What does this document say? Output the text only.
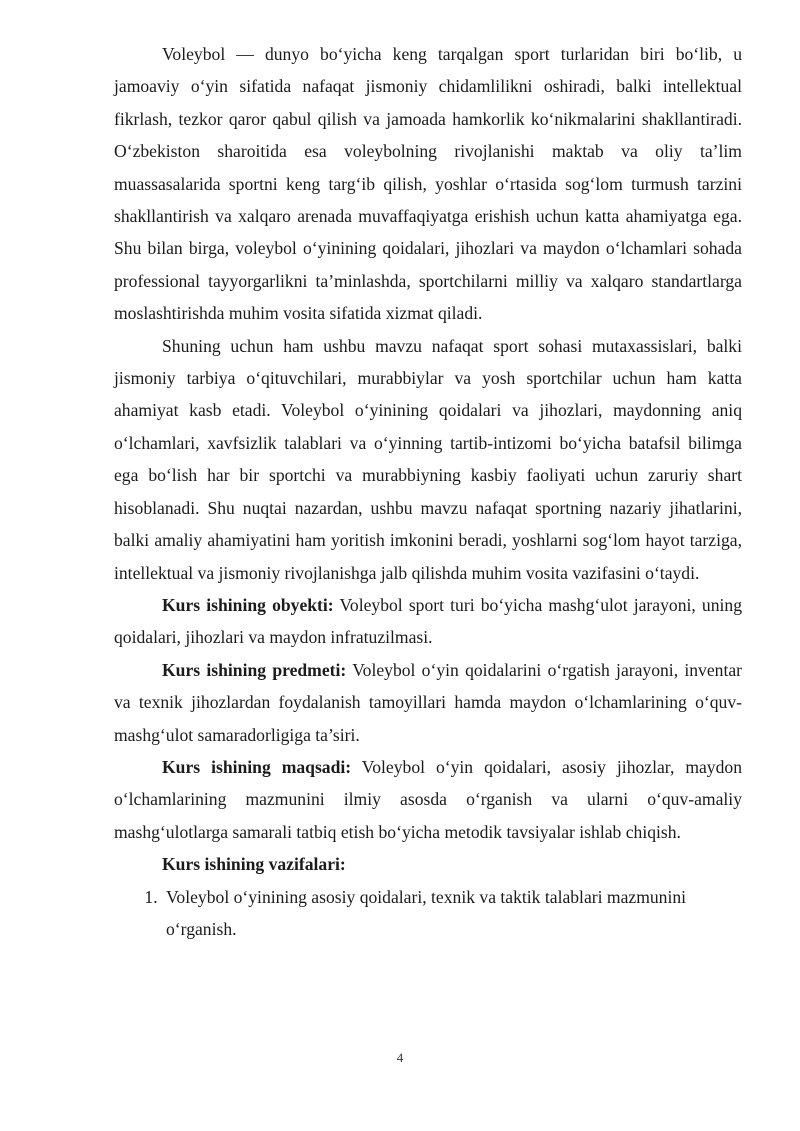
Voleybol — dunyo bo‘yicha keng tarqalgan sport turlaridan biri bo‘lib, u jamoaviy o‘yin sifatida nafaqat jismoniy chidamlilikni oshiradi, balki intellektual fikrlash, tezkor qaror qabul qilish va jamoada hamkorlik ko‘nikmalarini shakllantiradi. O‘zbekiston sharoitida esa voleybolning rivojlanishi maktab va oliy ta’lim muassasalarida sportni keng targ‘ib qilish, yoshlar o‘rtasida sog‘lom turmush tarzini shakllantirish va xalqaro arenada muvaffaqiyatga erishish uchun katta ahamiyatga ega. Shu bilan birga, voleybol o‘yinining qoidalari, jihozlari va maydon o‘lchamlari sohada professional tayyorgarlikni ta’minlashda, sportchilarni milliy va xalqaro standartlarga moslashtirishda muhim vosita sifatida xizmat qiladi.

Shuning uchun ham ushbu mavzu nafaqat sport sohasi mutaxassislari, balki jismoniy tarbiya o‘qituvchilari, murabbiylar va yosh sportchilar uchun ham katta ahamiyat kasb etadi. Voleybol o‘yinining qoidalari va jihozlari, maydonning aniq o‘lchamlari, xavfsizlik talablari va o‘yinning tartib-intizomi bo‘yicha batafsil bilimga ega bo‘lish har bir sportchi va murabbiyning kasbiy faoliyati uchun zaruriy shart hisoblanadi. Shu nuqtai nazardan, ushbu mavzu nafaqat sportning nazariy jihatlarini, balki amaliy ahamiyatini ham yoritish imkonini beradi, yoshlarni sog‘lom hayot tarziga, intellektual va jismoniy rivojlanishga jalb qilishda muhim vosita vazifasini o‘taydi.

Kurs ishining obyekti: Voleybol sport turi bo‘yicha mashg‘ulot jarayoni, uning qoidalari, jihozlari va maydon infratuzilmasi.

Kurs ishining predmeti: Voleybol o‘yin qoidalarini o‘rgatish jarayoni, inventar va texnik jihozlardan foydalanish tamoyillari hamda maydon o‘lchamlarining o‘quv-mashg‘ulot samaradorligiga ta’siri.

Kurs ishining maqsadi: Voleybol o‘yin qoidalari, asosiy jihozlar, maydon o‘lchamlarining mazmunini ilmiy asosda o‘rganish va ularni o‘quv-amaliy mashg‘ulotlarga samarali tatbiq etish bo‘yicha metodik tavsiyalar ishlab chiqish.

Kurs ishining vazifalari:

1. Voleybol o‘yinining asosiy qoidalari, texnik va taktik talablari mazmunini o‘rganish.
4
